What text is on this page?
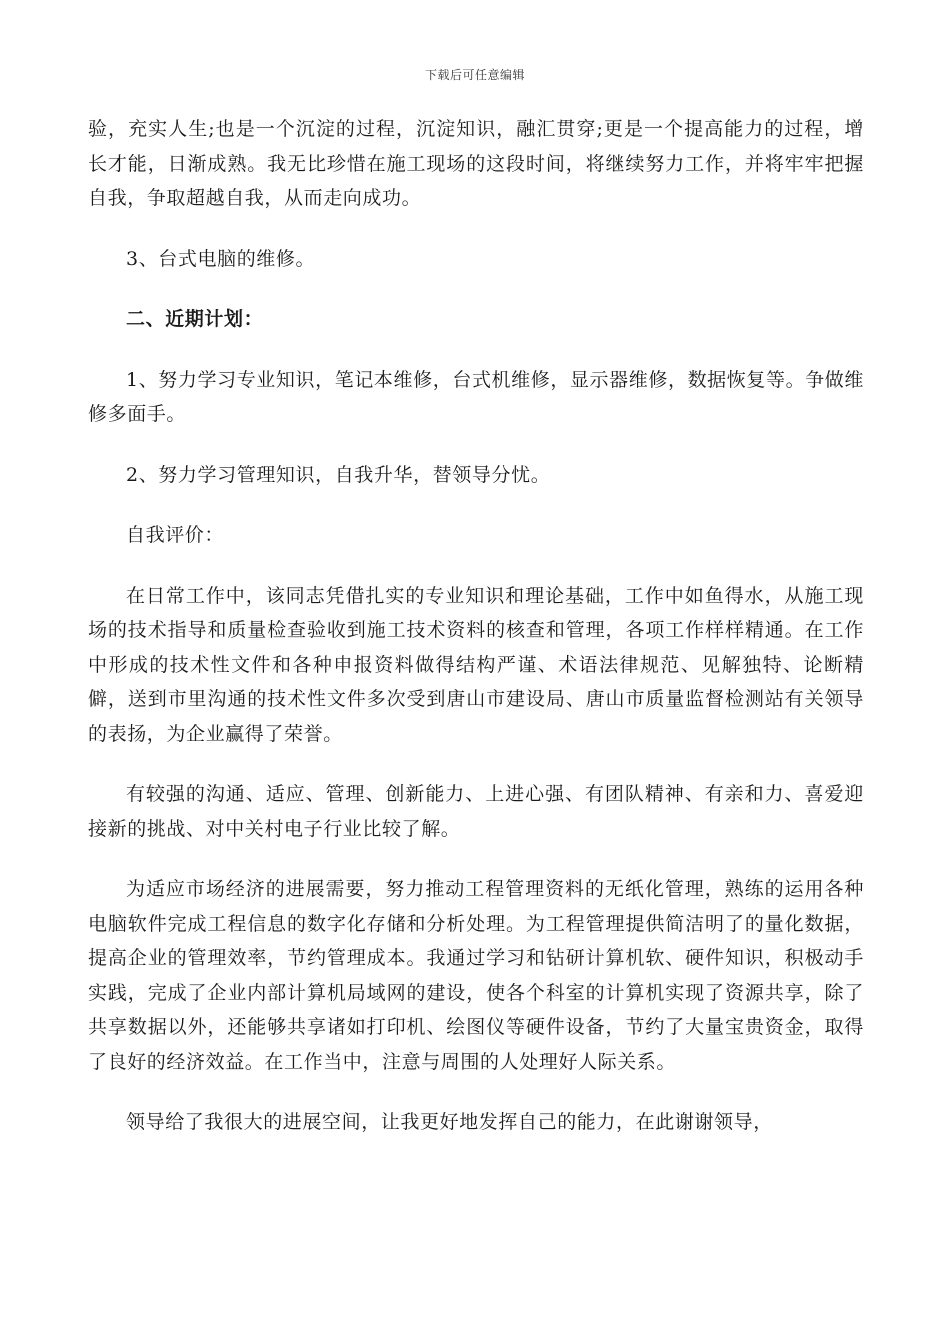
下载后可任意编辑

验，充实人生;也是一个沉淀的过程，沉淀知识，融汇贯穿;更是一个提高能力的过程，增长才能，日渐成熟。我无比珍惜在施工现场的这段时间，将继续努力工作，并将牢牢把握自我，争取超越自我，从而走向成功。

3、台式电脑的维修。

二、近期计划：

1、努力学习专业知识，笔记本维修，台式机维修，显示器维修，数据恢复等。争做维修多面手。

2、努力学习管理知识，自我升华，替领导分忧。

自我评价：

在日常工作中，该同志凭借扎实的专业知识和理论基础，工作中如鱼得水，从施工现场的技术指导和质量检查验收到施工技术资料的核查和管理，各项工作样样精通。在工作中形成的技术性文件和各种申报资料做得结构严谨、术语法律规范、见解独特、论断精僻，送到市里沟通的技术性文件多次受到唐山市建设局、唐山市质量监督检测站有关领导的表扬，为企业赢得了荣誉。

有较强的沟通、适应、管理、创新能力、上进心强、有团队精神、有亲和力、喜爱迎接新的挑战、对中关村电子行业比较了解。

为适应市场经济的进展需要，努力推动工程管理资料的无纸化管理，熟练的运用各种电脑软件完成工程信息的数字化存储和分析处理。为工程管理提供简洁明了的量化数据，提高企业的管理效率，节约管理成本。我通过学习和钻研计算机软、硬件知识，积极动手实践，完成了企业内部计算机局域网的建设，使各个科室的计算机实现了资源共享，除了共享数据以外，还能够共享诸如打印机、绘图仪等硬件设备，节约了大量宝贵资金，取得了良好的经济效益。在工作当中，注意与周围的人处理好人际关系。

领导给了我很大的进展空间，让我更好地发挥自己的能力，在此谢谢领导，
